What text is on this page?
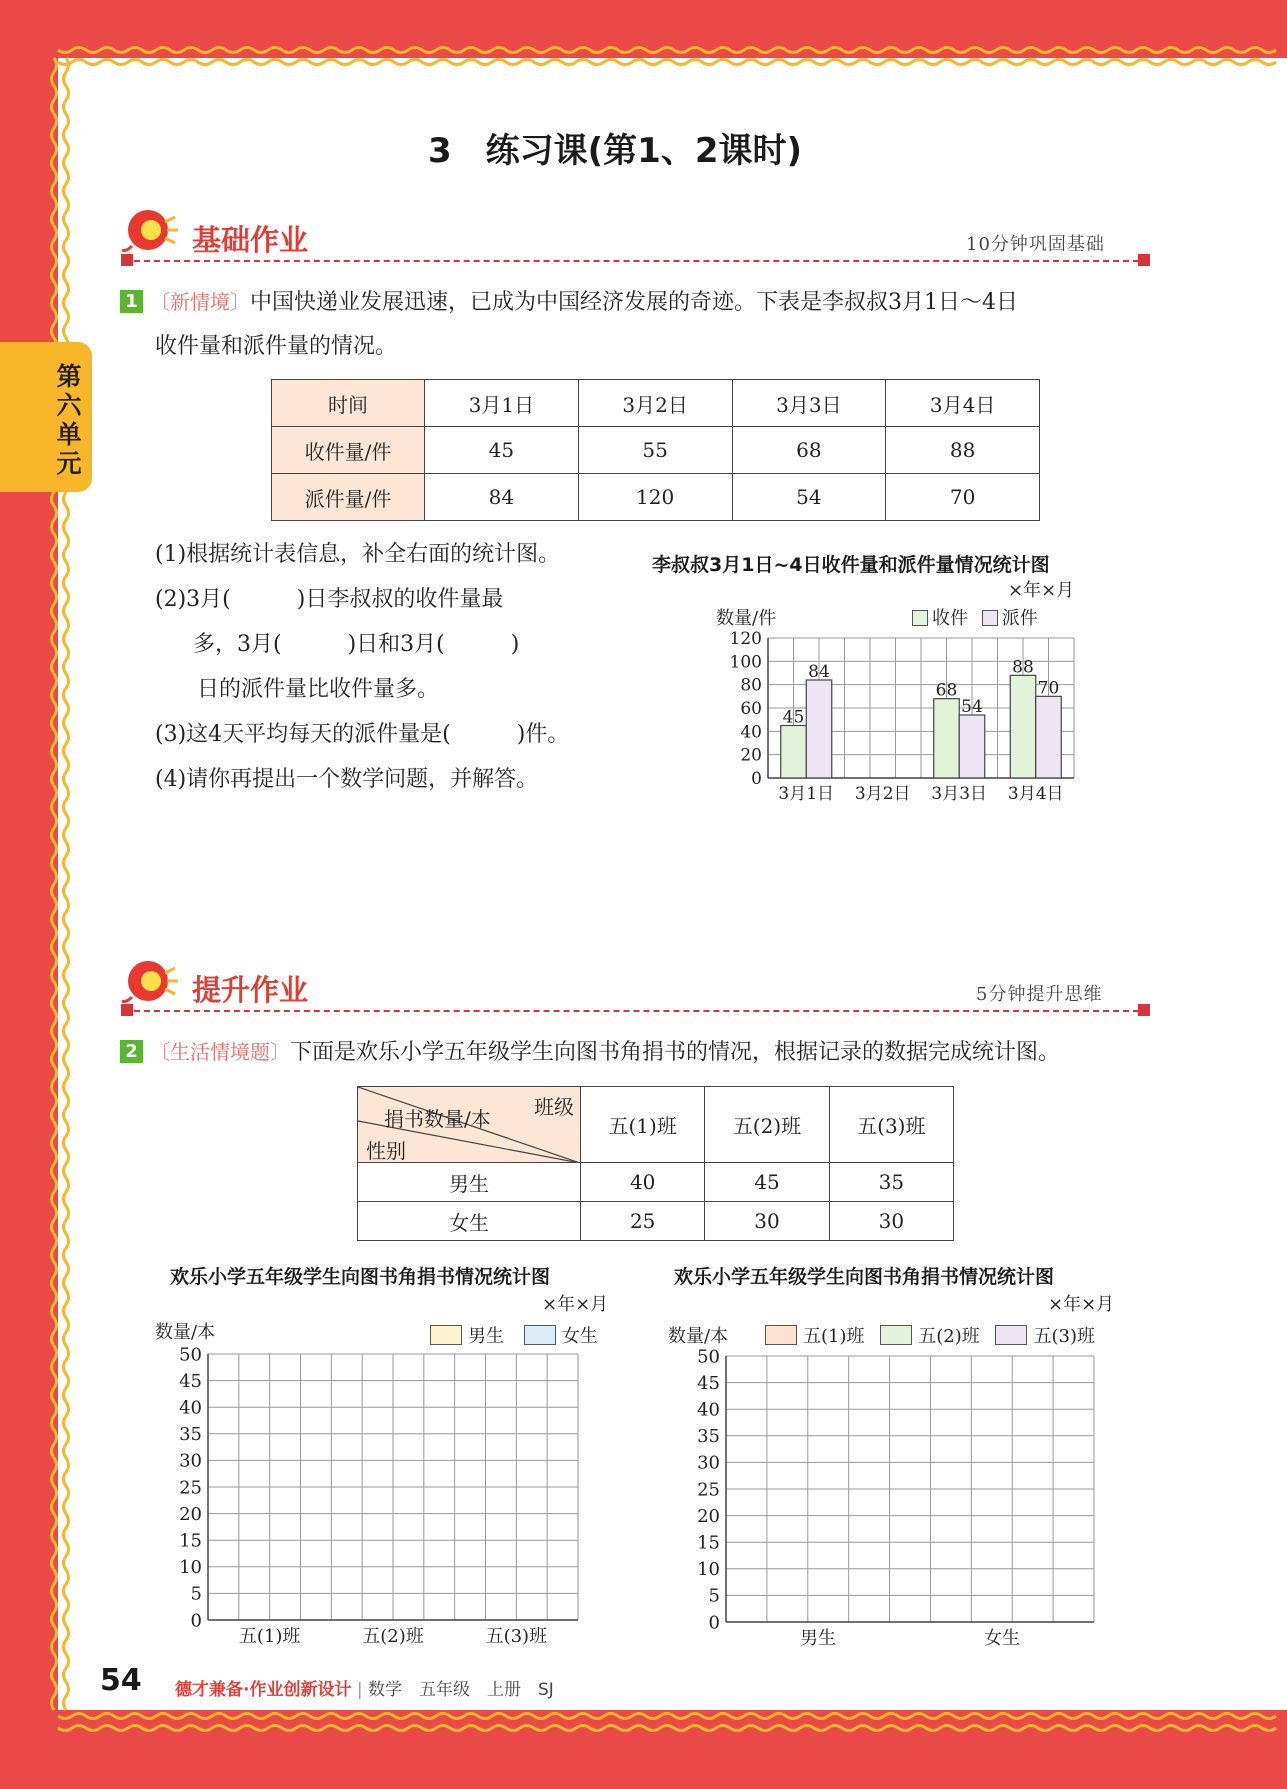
第六单元
3　练习课(第1、2课时)
基础作业	10分钟巩固基础
1 〔新情境〕中国快递业发展迅速，已成为中国经济发展的奇迹。下表是李叔叔3月1日～4日
收件量和派件量的情况。
时间	3月1日	3月2日	3月3日	3月4日
收件量/件	45	55	68	88
派件量/件	84	120	54	70
(1)根据统计表信息，补全右面的统计图。
(2)3月(　　　)日李叔叔的收件量最
多，3月(　　　)日和3月(　　　)
日的派件量比收件量多。
(3)这4天平均每天的派件量是(　　　)件。
(4)请你再提出一个数学问题，并解答。
李叔叔3月1日~4日收件量和派件量情况统计图
×年×月
数量/件	收件 派件
0
20
40
60
80
100
120
3月1日 3月2日 3月3日 3月4日
45
68
88
84
54
70
提升作业	5分钟提升思维
2 〔生活情境题〕下面是欢乐小学五年级学生向图书角捐书的情况，根据记录的数据完成统计图。
班级
捐书数量/本
性别	五(1)班	五(2)班	五(3)班
男生	40	45	35
女生	25	30	30
欢乐小学五年级学生向图书角捐书情况统计图
×年×月
数量/本	男生	女生
0
5
10
15
20
25
30
35
40
45
50
五(1)班	五(2)班	五(3)班
欢乐小学五年级学生向图书角捐书情况统计图
×年×月
数量/本	五(1)班	五(2)班	五(3)班
0
5
10
15
20
25
30
35
40
45
50
男生	女生
54 德才兼备·作业创新设计 | 数学　五年级　上册　SJ
